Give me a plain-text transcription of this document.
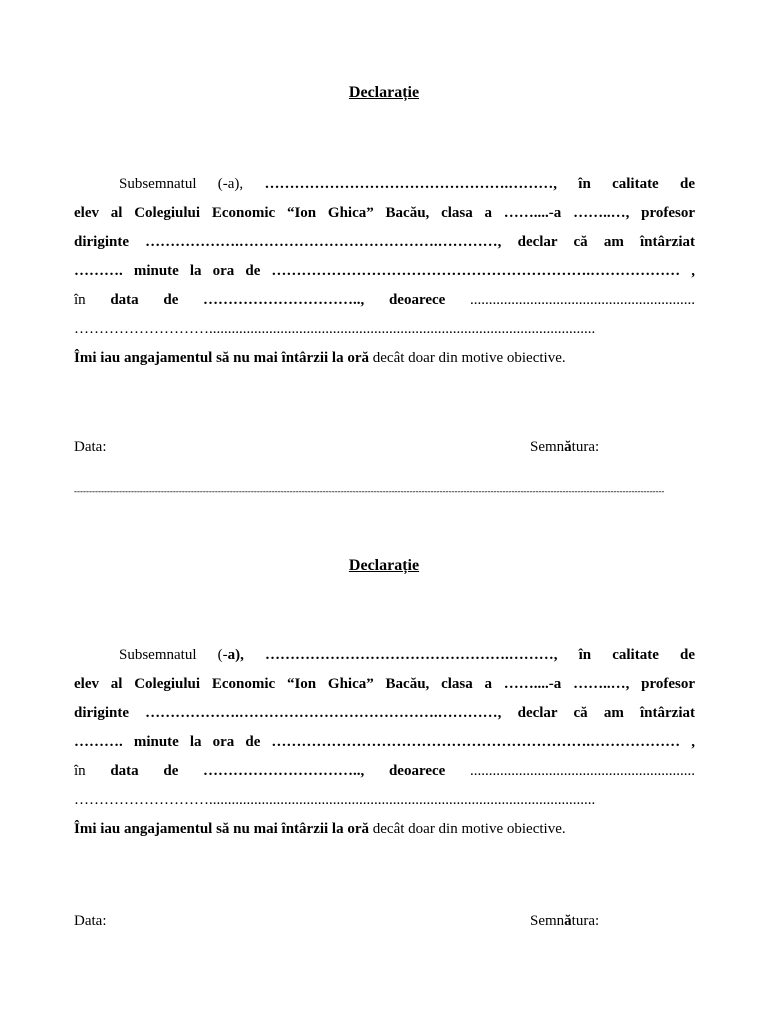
Declarație
Subsemnatul (-a), ………………………………………….………, în calitate de
elev al Colegiului Economic “Ion Ghica” Bacău, clasa a ……....-a ……..…, profesor
diriginte ……………….………………………………….…………, declar că am întârziat
………. minute la ora de ……………………………………………………….……………… ,
în data de ………………………….., deoarece ............................................................
……………………….......................................................................................................
Îmi iau angajamentul să nu mai întârzii la oră decât doar din motive obiective.
Data:	Semnătura:
-----------------------------------------------------------------------------------------------------------------------------------------------------------------------------------------------------
Declarație
Subsemnatul (-a), ………………………………………….………, în calitate de
elev al Colegiului Economic “Ion Ghica” Bacău, clasa a ……....-a ……..…, profesor
diriginte ……………….………………………………….…………, declar că am întârziat
………. minute la ora de ……………………………………………………….……………… ,
în data de ………………………….., deoarece ............................................................
……………………….......................................................................................................
Îmi iau angajamentul să nu mai întârzii la oră decât doar din motive obiective.
Data:	Semnătura:
